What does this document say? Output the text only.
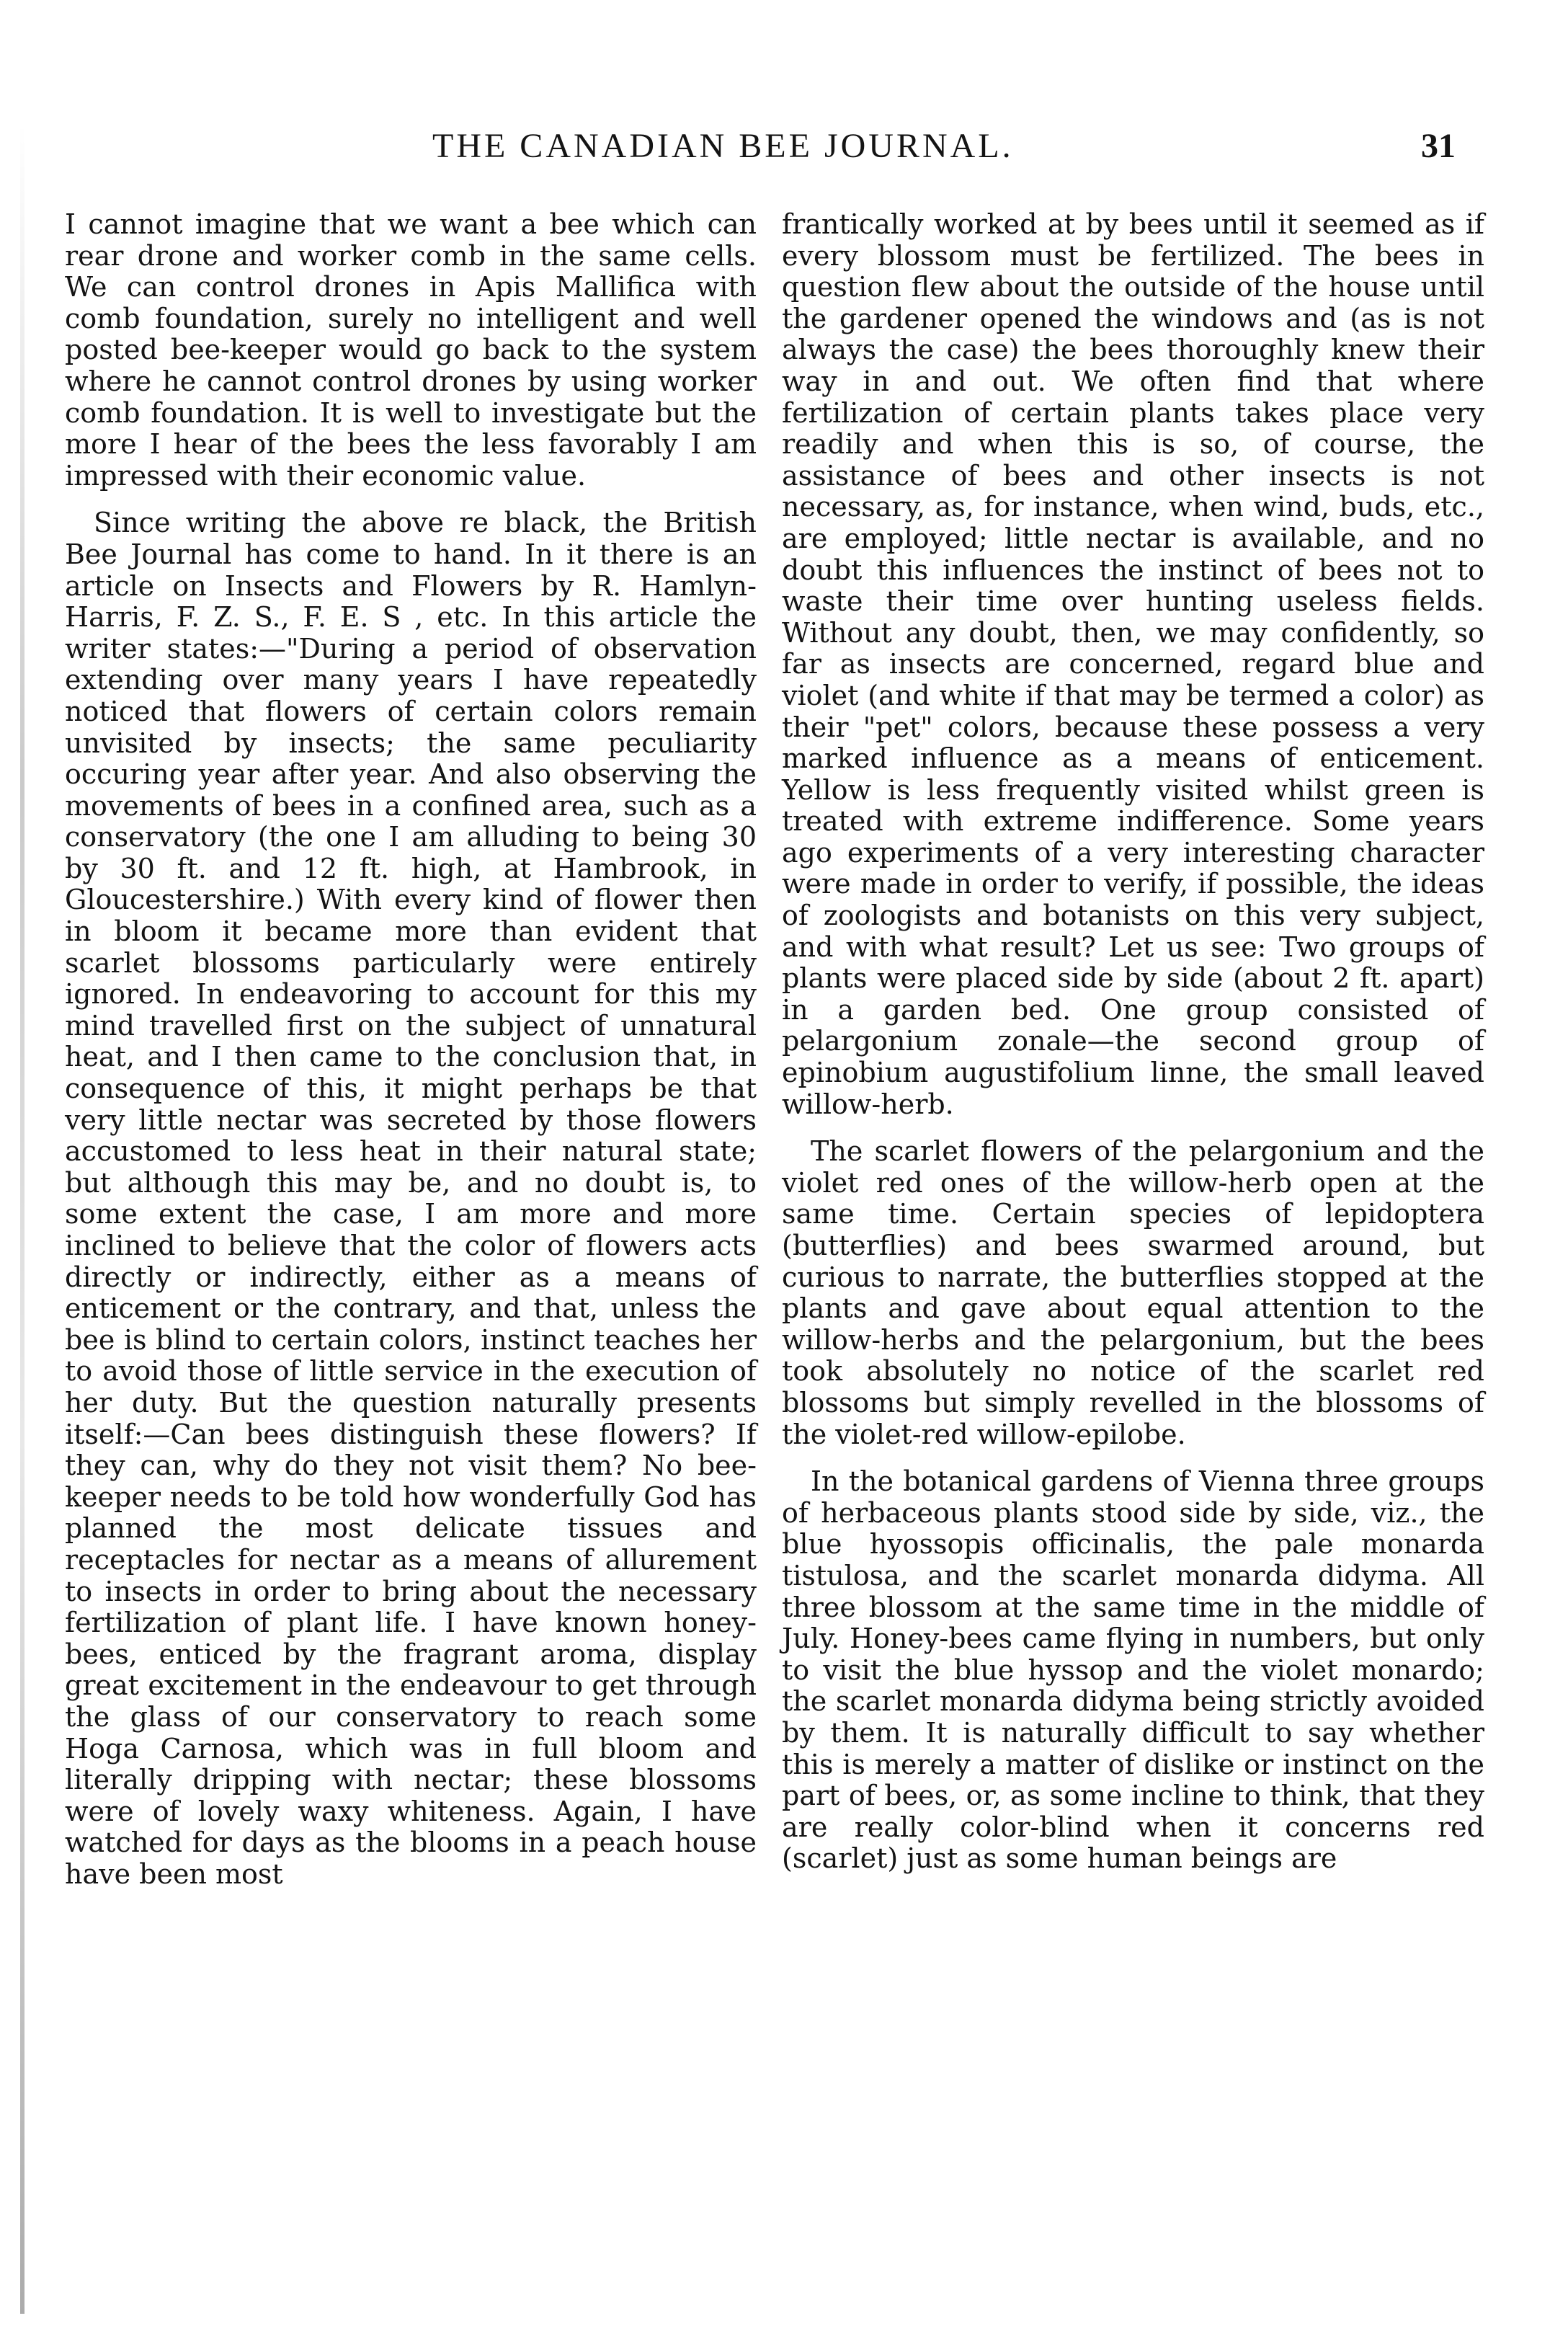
THE CANADIAN BEE JOURNAL.	31

I cannot imagine that we want a bee which can rear drone and worker comb in the same cells. We can control drones in Apis Mallifica with comb foundation, surely no intelligent and well posted bee-keeper would go back to the system where he cannot control drones by using worker comb foundation. It is well to investigate but the more I hear of the bees the less favorably I am impressed with their economic value.

Since writing the above re black, the British Bee Journal has come to hand. In it there is an article on Insects and Flowers by R. Hamlyn-Harris, F. Z. S., F. E. S , etc. In this article the writer states:—"During a period of observation extending over many years I have repeatedly noticed that flowers of certain colors remain unvisited by insects; the same peculiarity occuring year after year. And also observing the movements of bees in a confined area, such as a conservatory (the one I am alluding to being 30 by 30 ft. and 12 ft. high, at Hambrook, in Gloucestershire.) With every kind of flower then in bloom it became more than evident that scarlet blossoms particularly were entirely ignored. In endeavoring to account for this my mind travelled first on the subject of unnatural heat, and I then came to the conclusion that, in consequence of this, it might perhaps be that very little nectar was secreted by those flowers accustomed to less heat in their natural state; but although this may be, and no doubt is, to some extent the case, I am more and more inclined to believe that the color of flowers acts directly or indirectly, either as a means of enticement or the contrary, and that, unless the bee is blind to certain colors, instinct teaches her to avoid those of little service in the execution of her duty. But the question naturally presents itself:—Can bees distinguish these flowers? If they can, why do they not visit them? No bee-keeper needs to be told how wonderfully God has planned the most delicate tissues and receptacles for nectar as a means of allurement to insects in order to bring about the necessary fertilization of plant life. I have known honey-bees, enticed by the fragrant aroma, display great excitement in the endeavour to get through the glass of our conservatory to reach some Hoga Carnosa, which was in full bloom and literally dripping with nectar; these blossoms were of lovely waxy whiteness. Again, I have watched for days as the blooms in a peach house have been most

frantically worked at by bees until it seemed as if every blossom must be fertilized. The bees in question flew about the outside of the house until the gardener opened the windows and (as is not always the case) the bees thoroughly knew their way in and out. We often find that where fertilization of certain plants takes place very readily and when this is so, of course, the assistance of bees and other insects is not necessary, as, for instance, when wind, buds, etc., are employed; little nectar is available, and no doubt this influences the instinct of bees not to waste their time over hunting useless fields. Without any doubt, then, we may confidently, so far as insects are concerned, regard blue and violet (and white if that may be termed a color) as their "pet" colors, because these possess a very marked influence as a means of enticement. Yellow is less frequently visited whilst green is treated with extreme indifference. Some years ago experiments of a very interesting character were made in order to verify, if possible, the ideas of zoologists and botanists on this very subject, and with what result? Let us see: Two groups of plants were placed side by side (about 2 ft. apart) in a garden bed. One group consisted of pelargonium zonale—the second group of epinobium augustifolium linne, the small leaved willow-herb.

The scarlet flowers of the pelargonium and the violet red ones of the willow-herb open at the same time. Certain species of lepidoptera (butterflies) and bees swarmed around, but curious to narrate, the butterflies stopped at the plants and gave about equal attention to the willow-herbs and the pelargonium, but the bees took absolutely no notice of the scarlet red blossoms but simply revelled in the blossoms of the violet-red willow-epilobe.

In the botanical gardens of Vienna three groups of herbaceous plants stood side by side, viz., the blue hyossopis officinalis, the pale monarda tistulosa, and the scarlet monarda didyma. All three blossom at the same time in the middle of July. Honey-bees came flying in numbers, but only to visit the blue hyssop and the violet monardo; the scarlet monarda didyma being strictly avoided by them. It is naturally difficult to say whether this is merely a matter of dislike or instinct on the part of bees, or, as some incline to think, that they are really color-blind when it concerns red (scarlet) just as some human beings are
